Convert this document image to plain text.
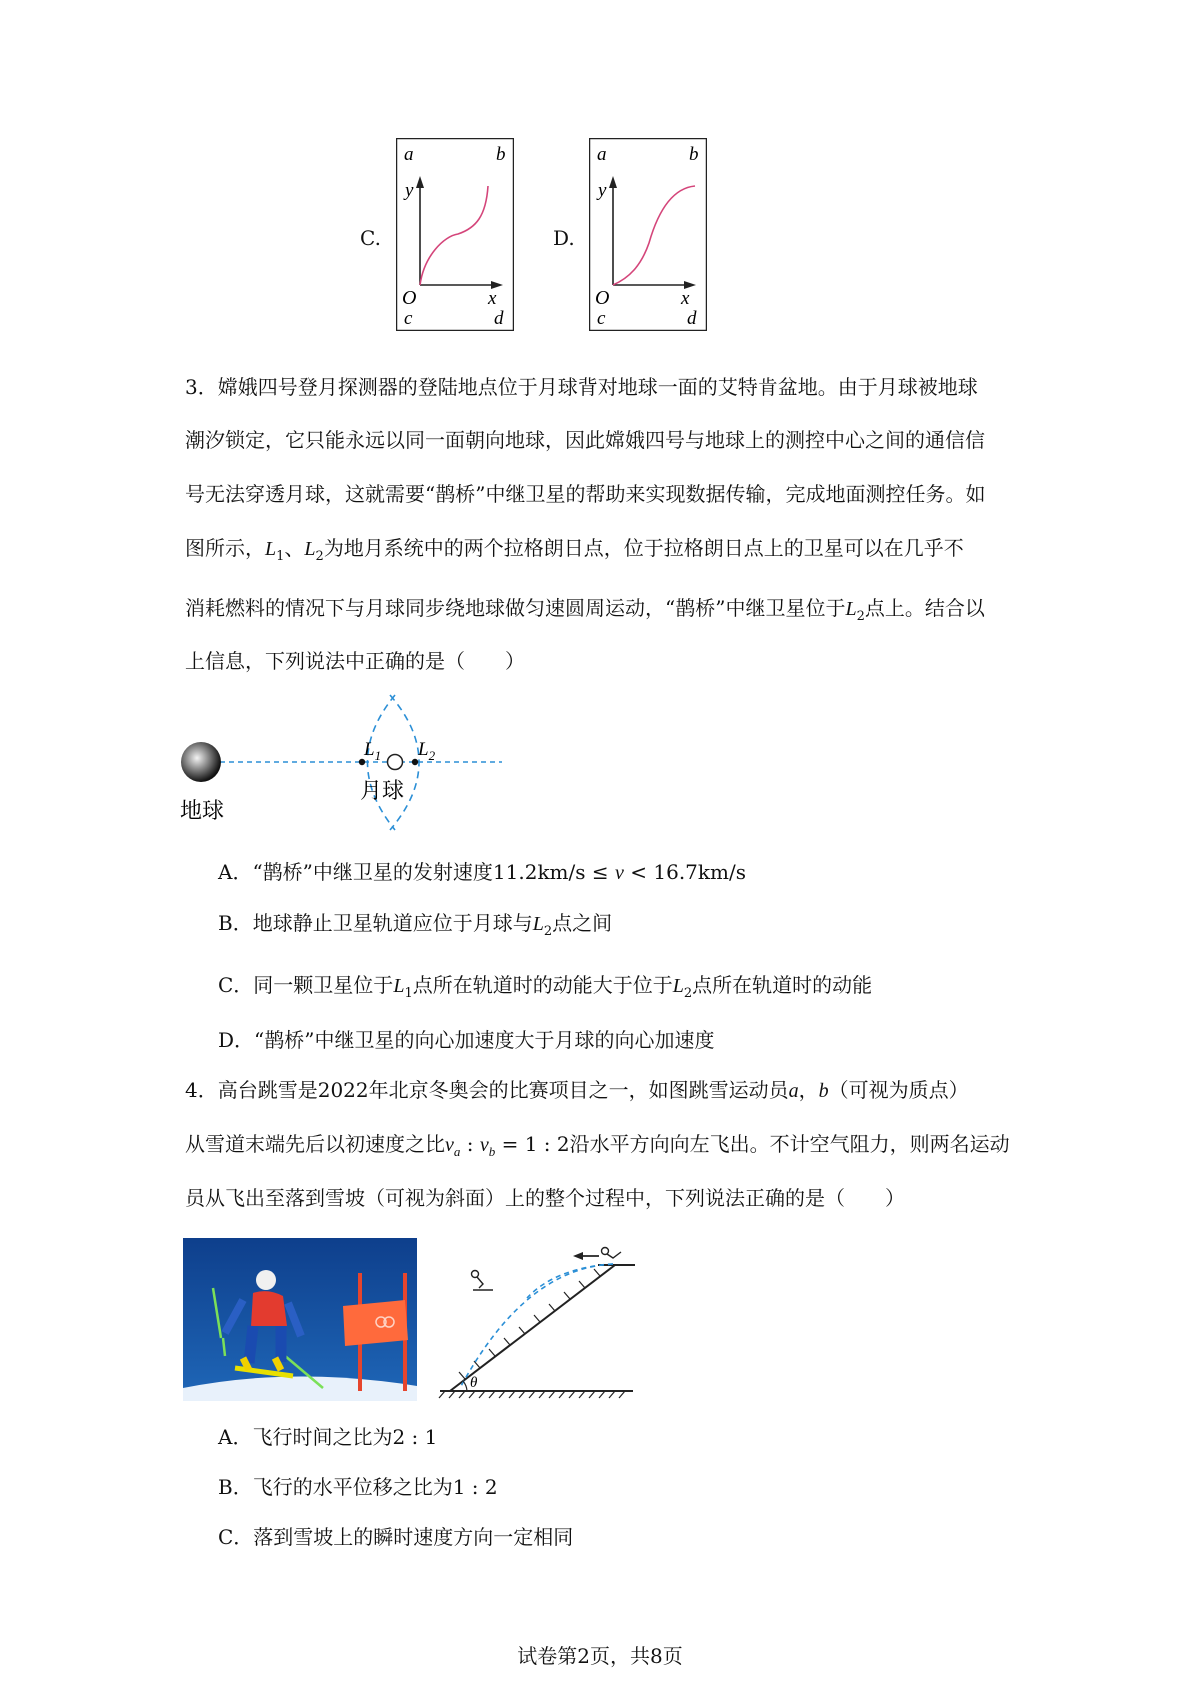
C.
a	b
c	d
y
x
O
D.
a	b
c	d
y
x
O
3．嫦娥四号登月探测器的登陆地点位于月球背对地球一面的艾特肯盆地。由于月球被地球
潮汐锁定，它只能永远以同一面朝向地球，因此嫦娥四号与地球上的测控中心之间的通信信
号无法穿透月球，这就需要“鹊桥”中继卫星的帮助来实现数据传输，完成地面测控任务。如
图所示，$L_1$、$L_2$为地月系统中的两个拉格朗日点，位于拉格朗日点上的卫星可以在几乎不
消耗燃料的情况下与月球同步绕地球做匀速圆周运动，“鹊桥”中继卫星位于$L_2$点上。结合以
上信息，下列说法中正确的是（　　）
$L_1$ $L_2$
地球
月球
A．“鹊桥”中继卫星的发射速度11.2km/s ≤ v < 16.7km/s
B．地球静止卫星轨道应位于月球与$L_2$点之间
C．同一颗卫星位于$L_1$点所在轨道时的动能大于位于$L_2$点所在轨道时的动能
D．“鹊桥”中继卫星的向心加速度大于月球的向心加速度
4．高台跳雪是2022年北京冬奥会的比赛项目之一，如图跳雪运动员a，b（可视为质点）
从雪道末端先后以初速度之比$v_a$ : $v_b = 1$ : 2沿水平方向向左飞出。不计空气阻力，则两名运动
员从飞出至落到雪坡（可视为斜面）上的整个过程中，下列说法正确的是（　　）
θ
A．飞行时间之比为2 : 1
B．飞行的水平位移之比为1 : 2
C．落到雪坡上的瞬时速度方向一定相同
试卷第2页，共8页
